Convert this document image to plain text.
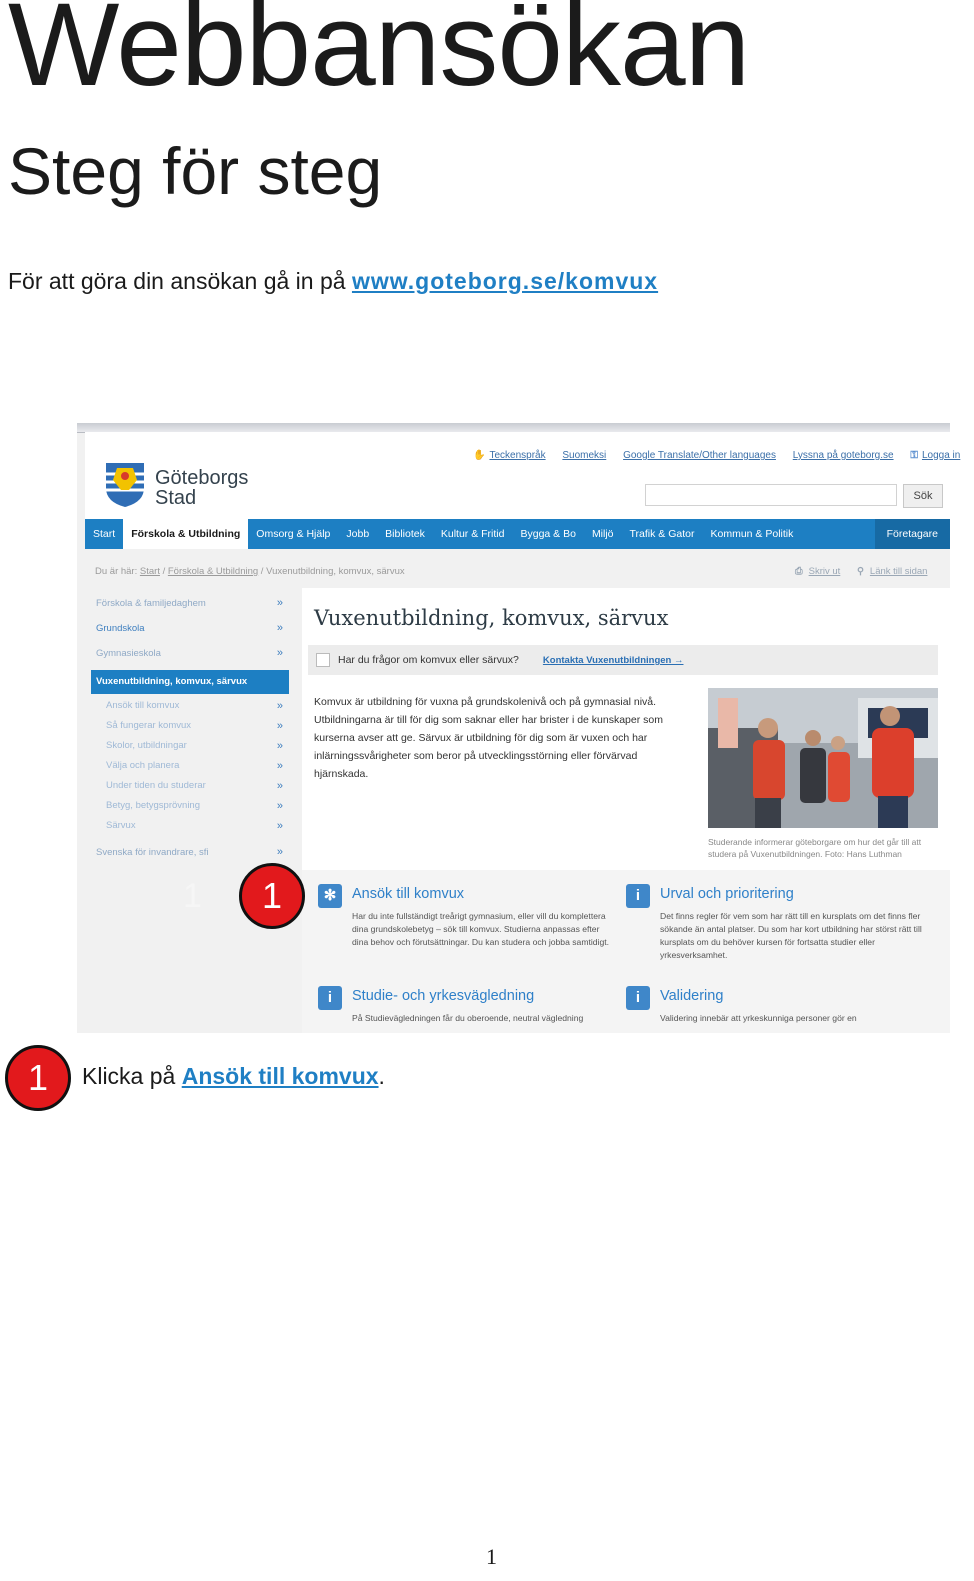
Webbansökan
Steg för steg
För att göra din ansökan gå in på www.goteborg.se/komvux
Göteborgs
Stad
✋ Teckenspråk Suomeksi Google Translate/Other languages Lyssna på goteborg.se ⚿ Logga in
Sök
Start	Förskola & Utbildning	Omsorg & Hjälp	Jobb	Bibliotek	Kultur & Fritid	Bygga & Bo	Miljö	Trafik & Gator	Kommun & Politik	Företagare
Du är här: Start / Förskola & Utbildning / Vuxenutbildning, komvux, särvux	⎙ Skriv ut ⚲ Länk till sidan
Förskola & familjedaghem	»
Grundskola	»
Gymnasieskola	»
Vuxenutbildning, komvux, särvux
Ansök till komvux	»
Så fungerar komvux	»
Skolor, utbildningar	»
Välja och planera	»
Under tiden du studerar	»
Betyg, betygsprövning	»
Särvux	»
Svenska för invandrare, sfi	»
Vuxenutbildning, komvux, särvux
Har du frågor om komvux eller särvux?	Kontakta Vuxenutbildningen →
Komvux är utbildning för vuxna på grundskolenivå och på gymnasial nivå. Utbildningarna är till för dig som saknar eller har brister i de kunskaper som kurserna avser att ge. Särvux är utbildning för dig som är vuxen och har inlärningssvårigheter som beror på utvecklingsstörning eller förvärvad hjärnskada.
Studerande informerar göteborgare om hur det går till att studera på Vuxenutbildningen. Foto: Hans Luthman
✻	Ansök till komvux
Har du inte fullständigt treårigt gymnasium, eller vill du komplettera dina grundskolebetyg – sök till komvux. Studierna anpassas efter dina behov och förutsättningar. Du kan studera och jobba samtidigt.
i	Urval och prioritering
Det finns regler för vem som har rätt till en kursplats om det finns fler sökande än antal platser. Du som har kort utbildning har störst rätt till kursplats om du behöver kursen för fortsatta studier eller yrkesverksamhet.
i	Studie- och yrkesvägledning
På Studievägledningen får du oberoende, neutral vägledning
i	Validering
Validering innebär att yrkeskunniga personer gör en
1	1
1	Klicka på Ansök till komvux.
1
